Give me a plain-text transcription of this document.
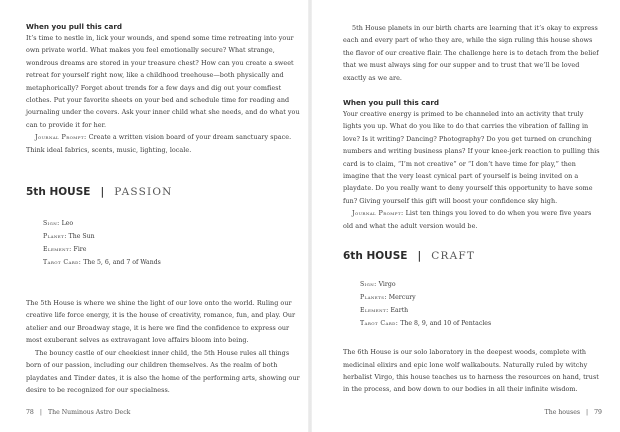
When you pull this card

It’s time to nestle in, lick your wounds, and spend some time retreating into your own private world. What makes you feel emotionally secure? What strange, wondrous dreams are stored in your treasure chest? How can you create a sweet retreat for yourself right now, like a childhood treehouse—both physically and metaphorically? Forget about trends for a few days and dig out your comfiest clothes. Put your favorite sheets on your bed and schedule time for reading and journaling under the covers. Ask your inner child what she needs, and do what you can to provide it for her.

Journal Prompt: Create a written vision board of your dream sanctuary space. Think ideal fabrics, scents, music, lighting, locale.

5th HOUSE | PASSION
Sign: Leo
Planet: The Sun
Element: Fire
Tarot Card: The 5, 6, and 7 of Wands

The 5th House is where we shine the light of our love onto the world. Ruling our creative life force energy, it is the house of creativity, romance, fun, and play. Our atelier and our Broadway stage, it is here we find the confidence to express our most exuberant selves as extravagant love affairs bloom into being.

The bouncy castle of our cheekiest inner child, the 5th House rules all things born of our passion, including our children themselves. As the realm of both playdates and Tinder dates, it is also the home of the performing arts, showing our desire to be recognized for our specialness.

78 | The Numinous Astro Deck

5th House planets in our birth charts are learning that it’s okay to express each and every part of who they are, while the sign ruling this house shows the flavor of our creative flair. The challenge here is to detach from the belief that we must always sing for our supper and to trust that we’ll be loved exactly as we are.

When you pull this card

Your creative energy is primed to be channeled into an activity that truly lights you up. What do you like to do that carries the vibration of falling in love? Is it writing? Dancing? Photography? Do you get turned on crunching numbers and writing business plans? If your knee-jerk reaction to pulling this card is to claim, “I’m not creative” or “I don’t have time for play,” then imagine that the very least cynical part of yourself is being invited on a playdate. Do you really want to deny yourself this opportunity to have some fun? Giving yourself this gift will boost your confidence sky high.

Journal Prompt: List ten things you loved to do when you were five years old and what the adult version would be.

6th HOUSE | CRAFT
Sign: Virgo
Planets: Mercury
Element: Earth
Tarot Card: The 8, 9, and 10 of Pentacles

The 6th House is our solo laboratory in the deepest woods, complete with medicinal elixirs and epic lone wolf walkabouts. Naturally ruled by witchy herbalist Virgo, this house teaches us to harness the resources on hand, trust in the process, and bow down to our bodies in all their infinite wisdom.

The houses | 79
